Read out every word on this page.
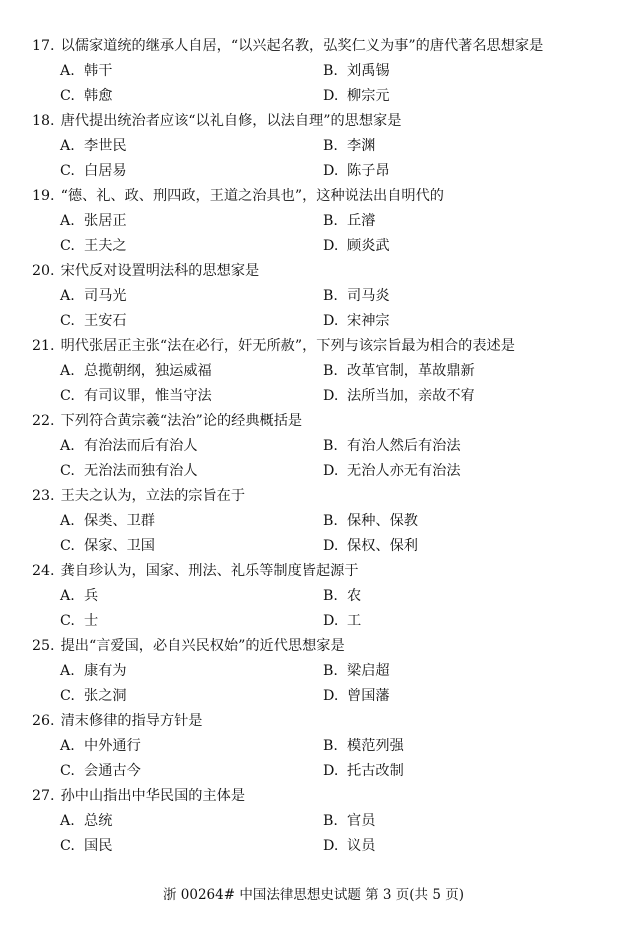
17. 以儒家道统的继承人自居，“以兴起名教，弘奖仁义为事”的唐代著名思想家是
A. 韩干	B. 刘禹锡
C. 韩愈	D. 柳宗元
18. 唐代提出统治者应该“以礼自修，以法自理”的思想家是
A. 李世民	B. 李渊
C. 白居易	D. 陈子昂
19. “德、礼、政、刑四政，王道之治具也”，这种说法出自明代的
A. 张居正	B. 丘濬
C. 王夫之	D. 顾炎武
20. 宋代反对设置明法科的思想家是
A. 司马光	B. 司马炎
C. 王安石	D. 宋神宗
21. 明代张居正主张“法在必行，奸无所赦”，下列与该宗旨最为相合的表述是
A. 总揽朝纲，独运威福	B. 改革官制，革故鼎新
C. 有司议罪，惟当守法	D. 法所当加，亲故不宥
22. 下列符合黄宗羲“法治”论的经典概括是
A. 有治法而后有治人	B. 有治人然后有治法
C. 无治法而独有治人	D. 无治人亦无有治法
23. 王夫之认为，立法的宗旨在于
A. 保类、卫群	B. 保种、保教
C. 保家、卫国	D. 保权、保利
24. 龚自珍认为，国家、刑法、礼乐等制度皆起源于
A. 兵	B. 农
C. 士	D. 工
25. 提出“言爱国，必自兴民权始”的近代思想家是
A. 康有为	B. 梁启超
C. 张之洞	D. 曾国藩
26. 清末修律的指导方针是
A. 中外通行	B. 模范列强
C. 会通古今	D. 托古改制
27. 孙中山指出中华民国的主体是
A. 总统	B. 官员
C. 国民	D. 议员
浙 00264# 中国法律思想史试题 第 3 页(共 5 页)
